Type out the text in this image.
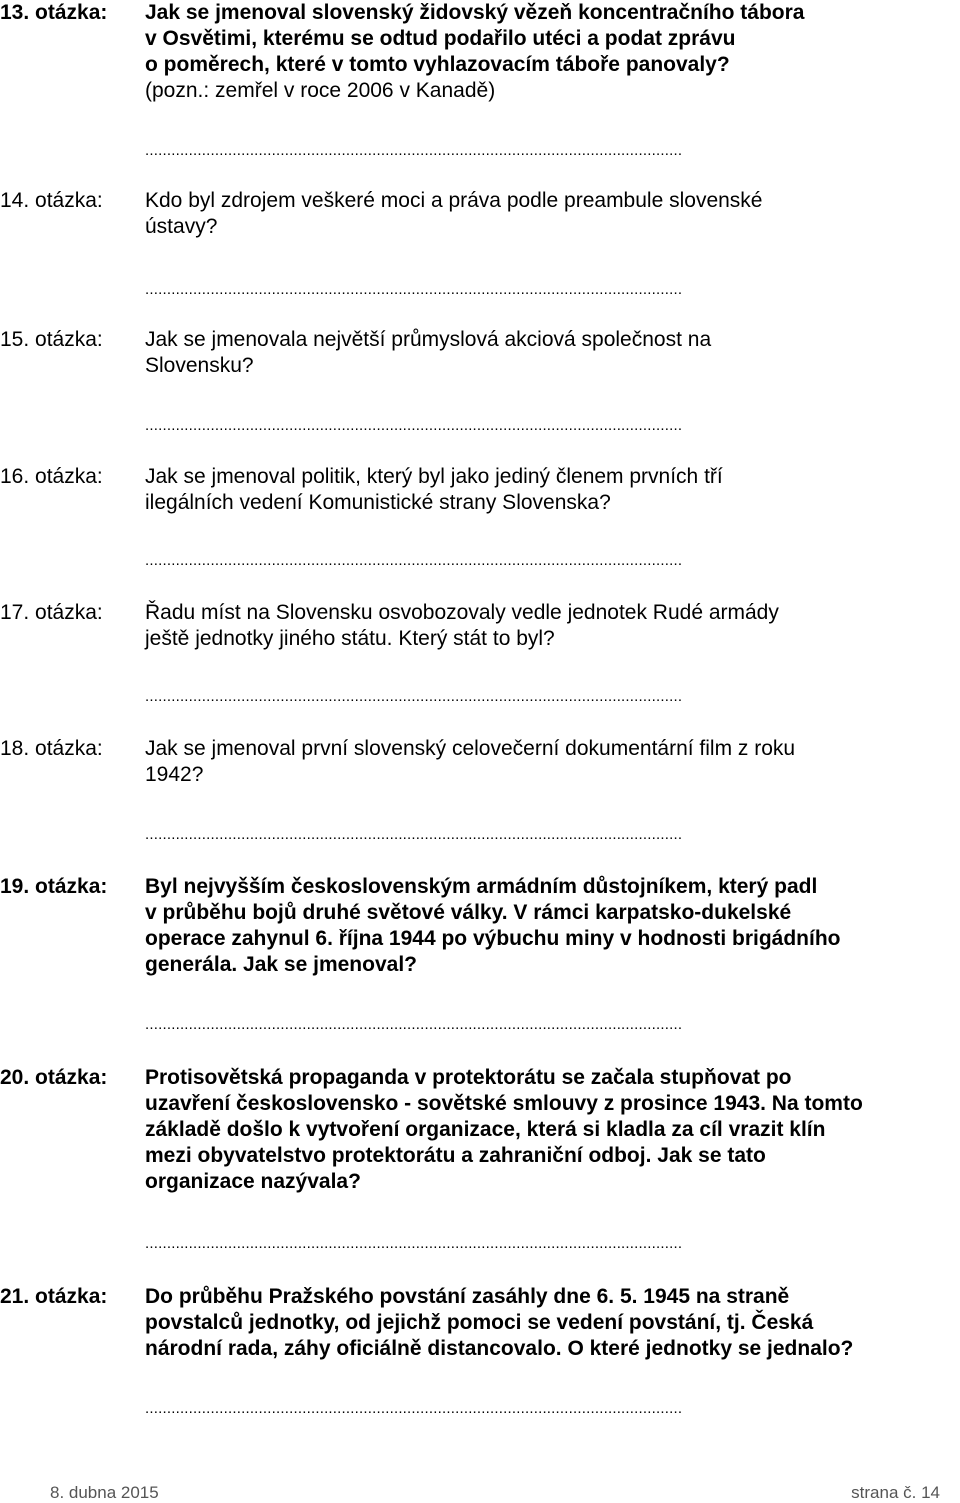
13. otázka: Jak se jmenoval slovenský židovský vězeň koncentračního tábora
v Osvětimi, kterému se odtud podařilo utéci a podat zprávu
o poměrech, které v tomto vyhlazovacím táboře panovaly?
(pozn.: zemřel v roce 2006 v Kanadě)
...........................................................................................................................
14. otázka: Kdo byl zdrojem veškeré moci a práva podle preambule slovenské
ústavy?
...........................................................................................................................
15. otázka: Jak se jmenovala největší průmyslová akciová společnost na
Slovensku?
...........................................................................................................................
16. otázka: Jak se jmenoval politik, který byl jako jediný členem prvních tří
ilegálních vedení Komunistické strany Slovenska?
...........................................................................................................................
17. otázka: Řadu míst na Slovensku osvobozovaly vedle jednotek Rudé armády
ještě jednotky jiného státu. Který stát to byl?
...........................................................................................................................
18. otázka: Jak se jmenoval první slovenský celovečerní dokumentární film z roku
1942?
...........................................................................................................................
19. otázka: Byl nejvyšším československým armádním důstojníkem, který padl
v průběhu bojů druhé světové války. V rámci karpatsko-dukelské
operace zahynul 6. října 1944 po výbuchu miny v hodnosti brigádního
generála. Jak se jmenoval?
...........................................................................................................................
20. otázka: Protisovětská propaganda v protektorátu se začala stupňovat po
uzavření československo - sovětské smlouvy z prosince 1943. Na tomto
základě došlo k vytvoření organizace, která si kladla za cíl vrazit klín
mezi obyvatelstvo protektorátu a zahraniční odboj. Jak se tato
organizace nazývala?
...........................................................................................................................
21. otázka: Do průběhu Pražského povstání zasáhly dne 6. 5. 1945 na straně
povstalců jednotky, od jejichž pomoci se vedení povstání, tj. Česká
národní rada, záhy oficiálně distancovalo. O které jednotky se jednalo?
...........................................................................................................................
8. dubna 2015	strana č. 14
